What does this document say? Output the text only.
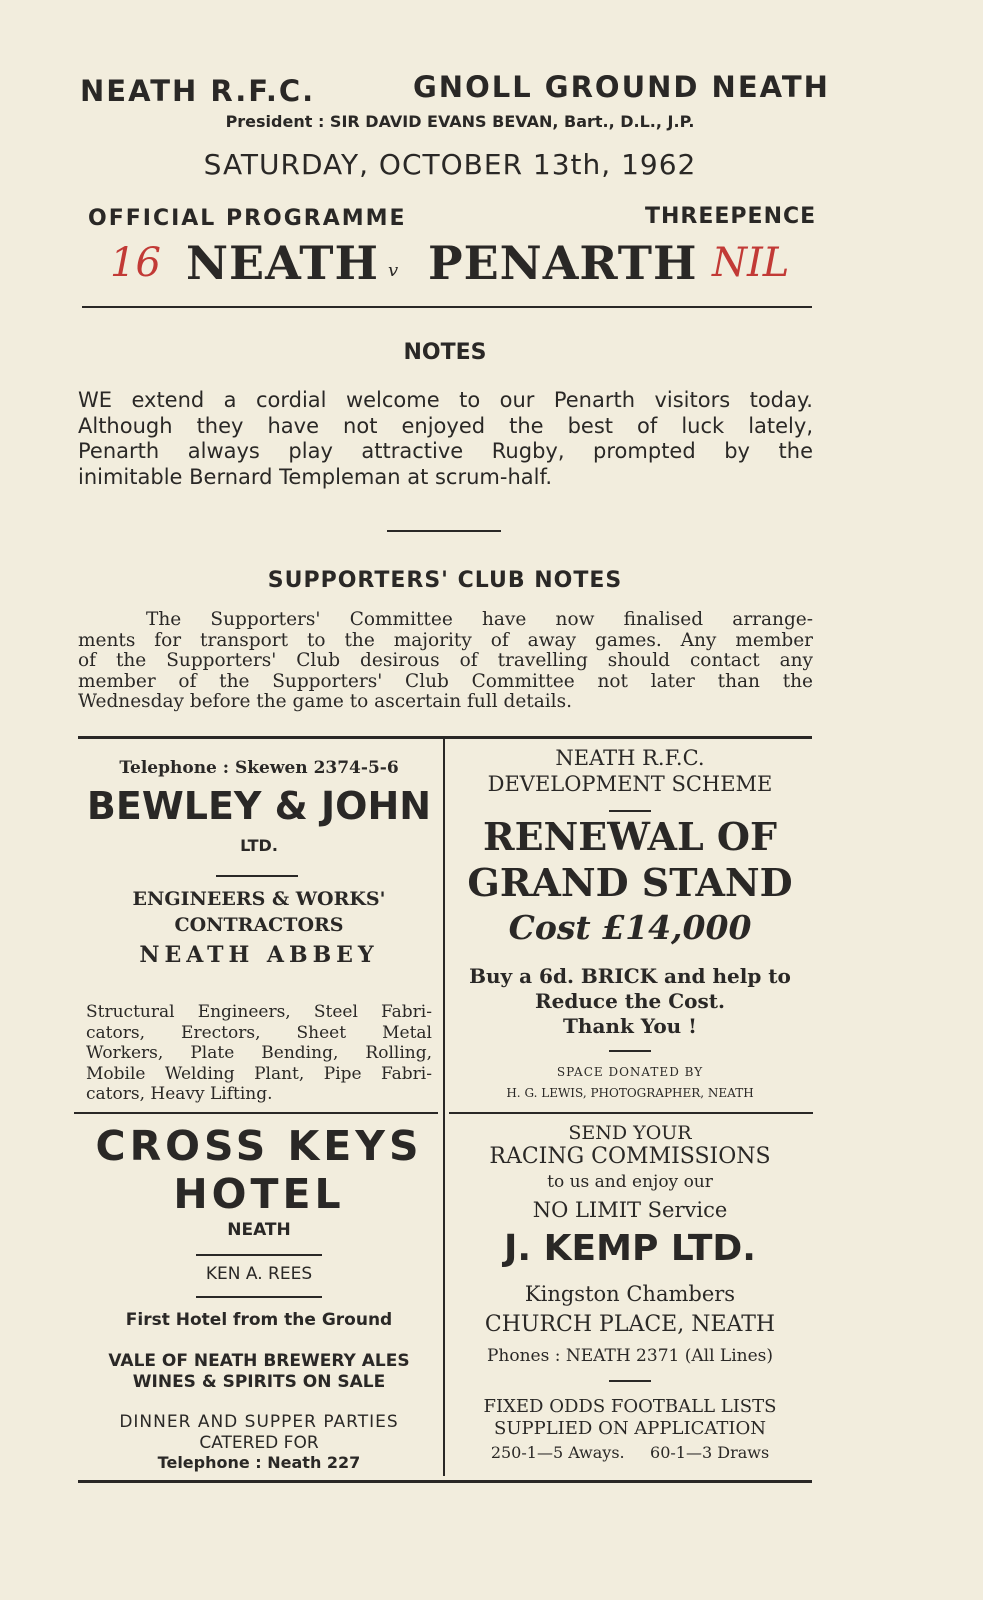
NEATH R.F.C.	GNOLL GROUND NEATH
President : SIR DAVID EVANS BEVAN, Bart., D.L., J.P.
SATURDAY, OCTOBER 13th, 1962
OFFICIAL PROGRAMME	THREEPENCE
16 NEATH v PENARTH NIL
NOTES
WE extend a cordial welcome to our Penarth visitors today.
Although they have not enjoyed the best of luck lately,
Penarth always play attractive Rugby, prompted by the
inimitable Bernard Templeman at scrum-half.
SUPPORTERS' CLUB NOTES
The Supporters' Committee have now finalised arrange-
ments for transport to the majority of away games. Any member
of the Supporters' Club desirous of travelling should contact any
member of the Supporters' Club Committee not later than the
Wednesday before the game to ascertain full details.
Telephone : Skewen 2374-5-6
BEWLEY & JOHN
LTD.
ENGINEERS & WORKS'
CONTRACTORS
NEATH ABBEY
Structural Engineers, Steel Fabri-
cators, Erectors, Sheet Metal
Workers, Plate Bending, Rolling,
Mobile Welding Plant, Pipe Fabri-
cators, Heavy Lifting.
NEATH R.F.C.
DEVELOPMENT SCHEME
RENEWAL OF
GRAND STAND
Cost £14,000
Buy a 6d. BRICK and help to
Reduce the Cost.
Thank You !
SPACE DONATED BY
H. G. LEWIS, PHOTOGRAPHER, NEATH
CROSS KEYS
HOTEL
NEATH
KEN A. REES
First Hotel from the Ground
VALE OF NEATH BREWERY ALES
WINES & SPIRITS ON SALE
DINNER AND SUPPER PARTIES
CATERED FOR
Telephone : Neath 227
SEND YOUR
RACING COMMISSIONS
to us and enjoy our
NO LIMIT Service
J. KEMP LTD.
Kingston Chambers
CHURCH PLACE, NEATH
Phones : NEATH 2371 (All Lines)
FIXED ODDS FOOTBALL LISTS
SUPPLIED ON APPLICATION
250-1—5 Aways.     60-1—3 Draws
